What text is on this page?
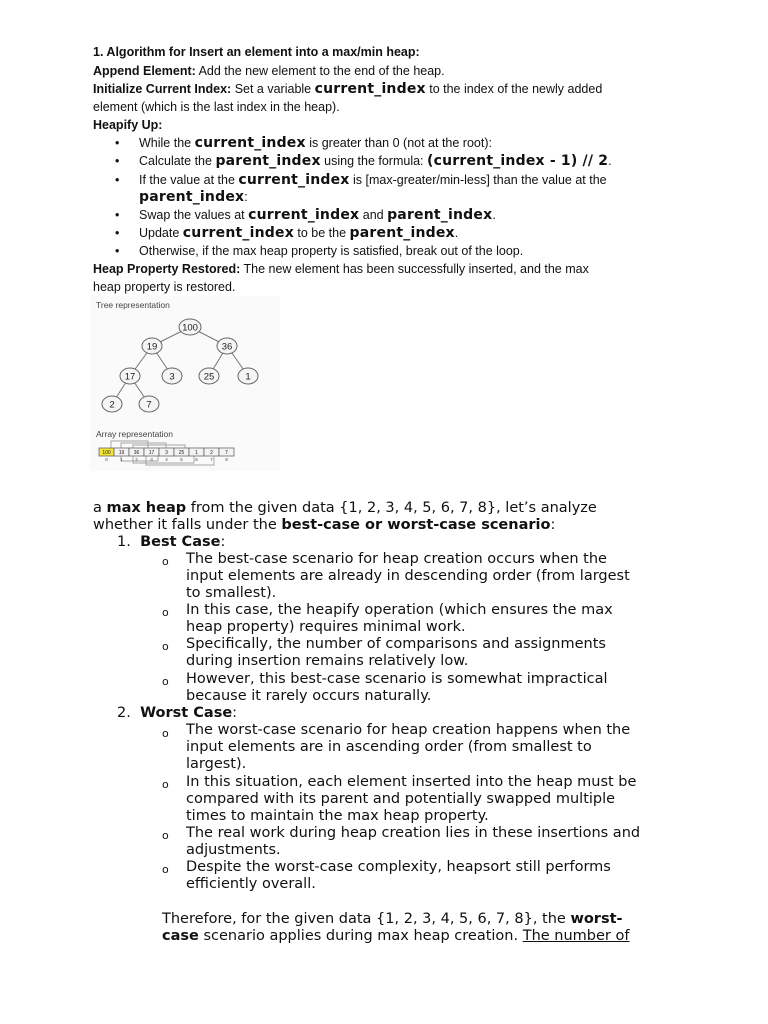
1. Algorithm for Insert an element into a max/min heap:
Append Element: Add the new element to the end of the heap.
Initialize Current Index: Set a variable current_index to the index of the newly added
element (which is the last index in the heap).
Heapify Up:
• While the current_index is greater than 0 (not at the root):
• Calculate the parent_index using the formula: (current_index - 1) // 2.
• If the value at the current_index is [max-greater/min-less] than the value at the
parent_index:
• Swap the values at current_index and parent_index.
• Update current_index to be the parent_index.
• Otherwise, if the max heap property is satisfied, break out of the loop.
Heap Property Restored: The new element has been successfully inserted, and the max
heap property is restored.
Tree representation
100
19	36
17	3	25	1
2	7
Array representation
100 19 36 17 3 25 1 2 7
0	1	2	3	4	5	6	7	8
a max heap from the given data {1, 2, 3, 4, 5, 6, 7, 8}, let’s analyze
whether it falls under the best-case or worst-case scenario:
1. Best Case:
o The best-case scenario for heap creation occurs when the
input elements are already in descending order (from largest
to smallest).
o In this case, the heapify operation (which ensures the max
heap property) requires minimal work.
o Specifically, the number of comparisons and assignments
during insertion remains relatively low.
o However, this best-case scenario is somewhat impractical
because it rarely occurs naturally.
2. Worst Case:
o The worst-case scenario for heap creation happens when the
input elements are in ascending order (from smallest to
largest).
o In this situation, each element inserted into the heap must be
compared with its parent and potentially swapped multiple
times to maintain the max heap property.
o The real work during heap creation lies in these insertions and
adjustments.
o Despite the worst-case complexity, heapsort still performs
efficiently overall.
Therefore, for the given data {1, 2, 3, 4, 5, 6, 7, 8}, the worst-
case scenario applies during max heap creation. The number of
